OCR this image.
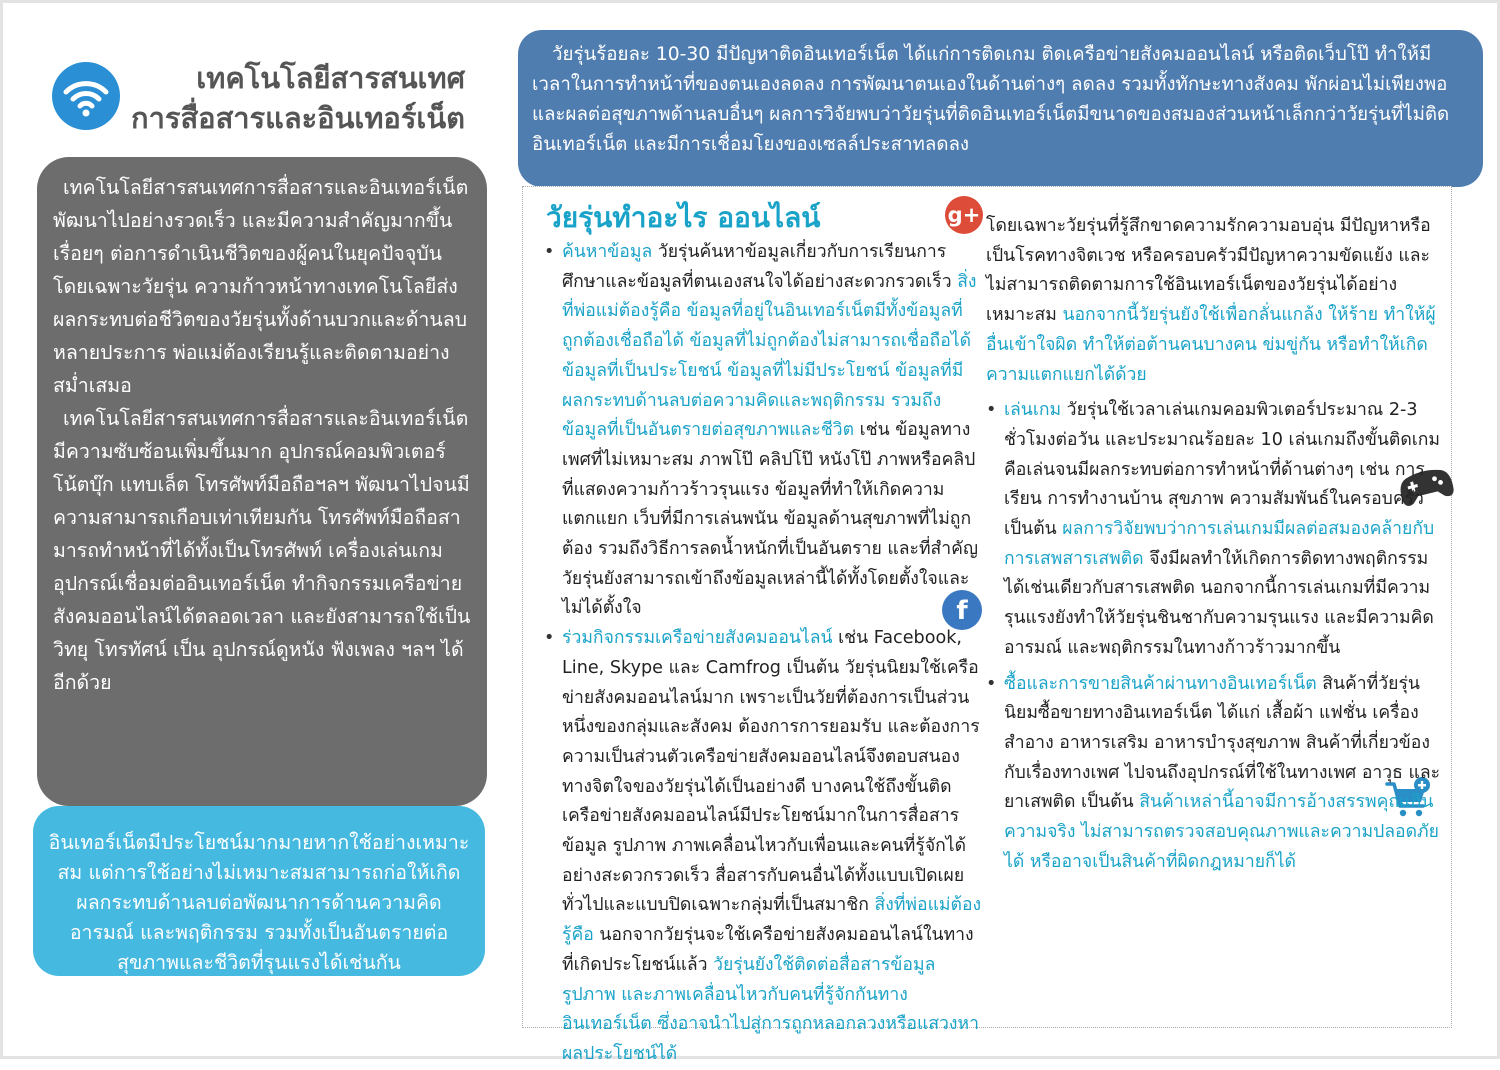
เทคโนโลยีสารสนเทศ
การสื่อสารและอินเทอร์เน็ต

เทคโนโลยีสารสนเทศการสื่อสารและอินเทอร์เน็ต พัฒนาไปอย่างรวดเร็ว และมีความสำคัญมากขึ้นเรื่อยๆ ต่อการดำเนินชีวิตของผู้คนในยุคปัจจุบัน โดยเฉพาะวัยรุ่น ความก้าวหน้าทางเทคโนโลยีส่งผลกระทบต่อชีวิตของวัยรุ่นทั้งด้านบวกและด้านลบหลายประการ พ่อแม่ต้องเรียนรู้และติดตามอย่างสม่ำเสมอ

เทคโนโลยีสารสนเทศการสื่อสารและอินเทอร์เน็ต มีความซับซ้อนเพิ่มขึ้นมาก อุปกรณ์คอมพิวเตอร์ โน้ตบุ๊ก แทบเล็ต โทรศัพท์มือถือฯลฯ พัฒนาไปจนมีความสามารถเกือบเท่าเทียมกัน โทรศัพท์มือถือสามารถทำหน้าที่ได้ทั้งเป็นโทรศัพท์ เครื่องเล่นเกม อุปกรณ์เชื่อมต่ออินเทอร์เน็ต ทำกิจกรรมเครือข่ายสังคมออนไลน์ได้ตลอดเวลา และยังสามารถใช้เป็นวิทยุ โทรทัศน์ เป็น อุปกรณ์ดูหนัง ฟังเพลง ฯลฯ ได้อีกด้วย

อินเทอร์เน็ตมีประโยชน์มากมายหากใช้อย่างเหมาะสม แต่การใช้อย่างไม่เหมาะสมสามารถก่อให้เกิดผลกระทบด้านลบต่อพัฒนาการด้านความคิด อารมณ์ และพฤติกรรม รวมทั้งเป็นอันตรายต่อสุขภาพและชีวิตที่รุนแรงได้เช่นกัน

วัยรุ่นร้อยละ 10-30 มีปัญหาติดอินเทอร์เน็ต ได้แก่การติดเกม ติดเครือข่ายสังคมออนไลน์ หรือติดเว็บโป๊ ทำให้มีเวลาในการทำหน้าที่ของตนเองลดลง การพัฒนาตนเองในด้านต่างๆ ลดลง รวมทั้งทักษะทางสังคม พักผ่อนไม่เพียงพอ และผลต่อสุขภาพด้านลบอื่นๆ ผลการวิจัยพบว่าวัยรุ่นที่ติดอินเทอร์เน็ตมีขนาดของสมองส่วนหน้าเล็กกว่าวัยรุ่นที่ไม่ติดอินเทอร์เน็ต และมีการเชื่อมโยงของเซลล์ประสาทลดลง

g+
f
วัยรุ่นทำอะไร ออนไลน์

• ค้นหาข้อมูล วัยรุ่นค้นหาข้อมูลเกี่ยวกับการเรียนการศึกษาและข้อมูลที่ตนเองสนใจได้อย่างสะดวกรวดเร็ว สิ่งที่พ่อแม่ต้องรู้คือ ข้อมูลที่อยู่ในอินเทอร์เน็ตมีทั้งข้อมูลที่ถูกต้องเชื่อถือได้ ข้อมูลที่ไม่ถูกต้องไม่สามารถเชื่อถือได้ ข้อมูลที่เป็นประโยชน์ ข้อมูลที่ไม่มีประโยชน์ ข้อมูลที่มีผลกระทบด้านลบต่อความคิดและพฤติกรรม รวมถึงข้อมูลที่เป็นอันตรายต่อสุขภาพและชีวิต เช่น ข้อมูลทางเพศที่ไม่เหมาะสม ภาพโป๊ คลิปโป๊ หนังโป๊ ภาพหรือคลิปที่แสดงความก้าวร้าวรุนแรง ข้อมูลที่ทำให้เกิดความแตกแยก เว็บที่มีการเล่นพนัน ข้อมูลด้านสุขภาพที่ไม่ถูกต้อง รวมถึงวิธีการลดน้ำหนักที่เป็นอันตราย และที่สำคัญวัยรุ่นยังสามารถเข้าถึงข้อมูลเหล่านี้ได้ทั้งโดยตั้งใจและไม่ได้ตั้งใจ

• ร่วมกิจกรรมเครือข่ายสังคมออนไลน์ เช่น Facebook, Line, Skype และ Camfrog เป็นต้น วัยรุ่นนิยมใช้เครือข่ายสังคมออนไลน์มาก เพราะเป็นวัยที่ต้องการเป็นส่วนหนึ่งของกลุ่มและสังคม ต้องการการยอมรับ และต้องการความเป็นส่วนตัวเครือข่ายสังคมออนไลน์จึงตอบสนองทางจิตใจของวัยรุ่นได้เป็นอย่างดี บางคนใช้ถึงขั้นติด เครือข่ายสังคมออนไลน์มีประโยชน์มากในการสื่อสารข้อมูล รูปภาพ ภาพเคลื่อนไหวกับเพื่อนและคนที่รู้จักได้อย่างสะดวกรวดเร็ว สื่อสารกับคนอื่นได้ทั้งแบบเปิดเผยทั่วไปและแบบปิดเฉพาะกลุ่มที่เป็นสมาชิก สิ่งที่พ่อแม่ต้องรู้คือ นอกจากวัยรุ่นจะใช้เครือข่ายสังคมออนไลน์ในทางที่เกิดประโยชน์แล้ว วัยรุ่นยังใช้ติดต่อสื่อสารข้อมูล รูปภาพ และภาพเคลื่อนไหวกับคนที่รู้จักกันทางอินเทอร์เน็ต ซึ่งอาจนำไปสู่การถูกหลอกลวงหรือแสวงหาผลประโยชน์ได้

โดยเฉพาะวัยรุ่นที่รู้สึกขาดความรักความอบอุ่น มีปัญหาหรือเป็นโรคทางจิตเวช หรือครอบครัวมีปัญหาความขัดแย้ง และไม่สามารถติดตามการใช้อินเทอร์เน็ตของวัยรุ่นได้อย่างเหมาะสม นอกจากนี้วัยรุ่นยังใช้เพื่อกลั่นแกล้ง ให้ร้าย ทำให้ผู้อื่นเข้าใจผิด ทำให้ต่อต้านคนบางคน ข่มขู่กัน หรือทำให้เกิดความแตกแยกได้ด้วย

• เล่นเกม วัยรุ่นใช้เวลาเล่นเกมคอมพิวเตอร์ประมาณ 2-3 ชั่วโมงต่อวัน และประมาณร้อยละ 10 เล่นเกมถึงขั้นติดเกม คือเล่นจนมีผลกระทบต่อการทำหน้าที่ด้านต่างๆ เช่น การเรียน การทำงานบ้าน สุขภาพ ความสัมพันธ์ในครอบครัว เป็นต้น ผลการวิจัยพบว่าการเล่นเกมมีผลต่อสมองคล้ายกับการเสพสารเสพติด จึงมีผลทำให้เกิดการติดทางพฤติกรรมได้เช่นเดียวกับสารเสพติด นอกจากนี้การเล่นเกมที่มีความรุนแรงยังทำให้วัยรุ่นชินชากับความรุนแรง และมีความคิด อารมณ์ และพฤติกรรมในทางก้าวร้าวมากขึ้น

• ซื้อและการขายสินค้าผ่านทางอินเทอร์เน็ต สินค้าที่วัยรุ่นนิยมซื้อขายทางอินเทอร์เน็ต ได้แก่ เสื้อผ้า แฟชั่น เครื่องสำอาง อาหารเสริม อาหารบำรุงสุขภาพ สินค้าที่เกี่ยวข้องกับเรื่องทางเพศ ไปจนถึงอุปกรณ์ที่ใช้ในทางเพศ อาวุธ และยาเสพติด เป็นต้น สินค้าเหล่านี้อาจมีการอ้างสรรพคุณเกินความจริง ไม่สามารถตรวจสอบคุณภาพและความปลอดภัยได้ หรืออาจเป็นสินค้าที่ผิดกฎหมายก็ได้
